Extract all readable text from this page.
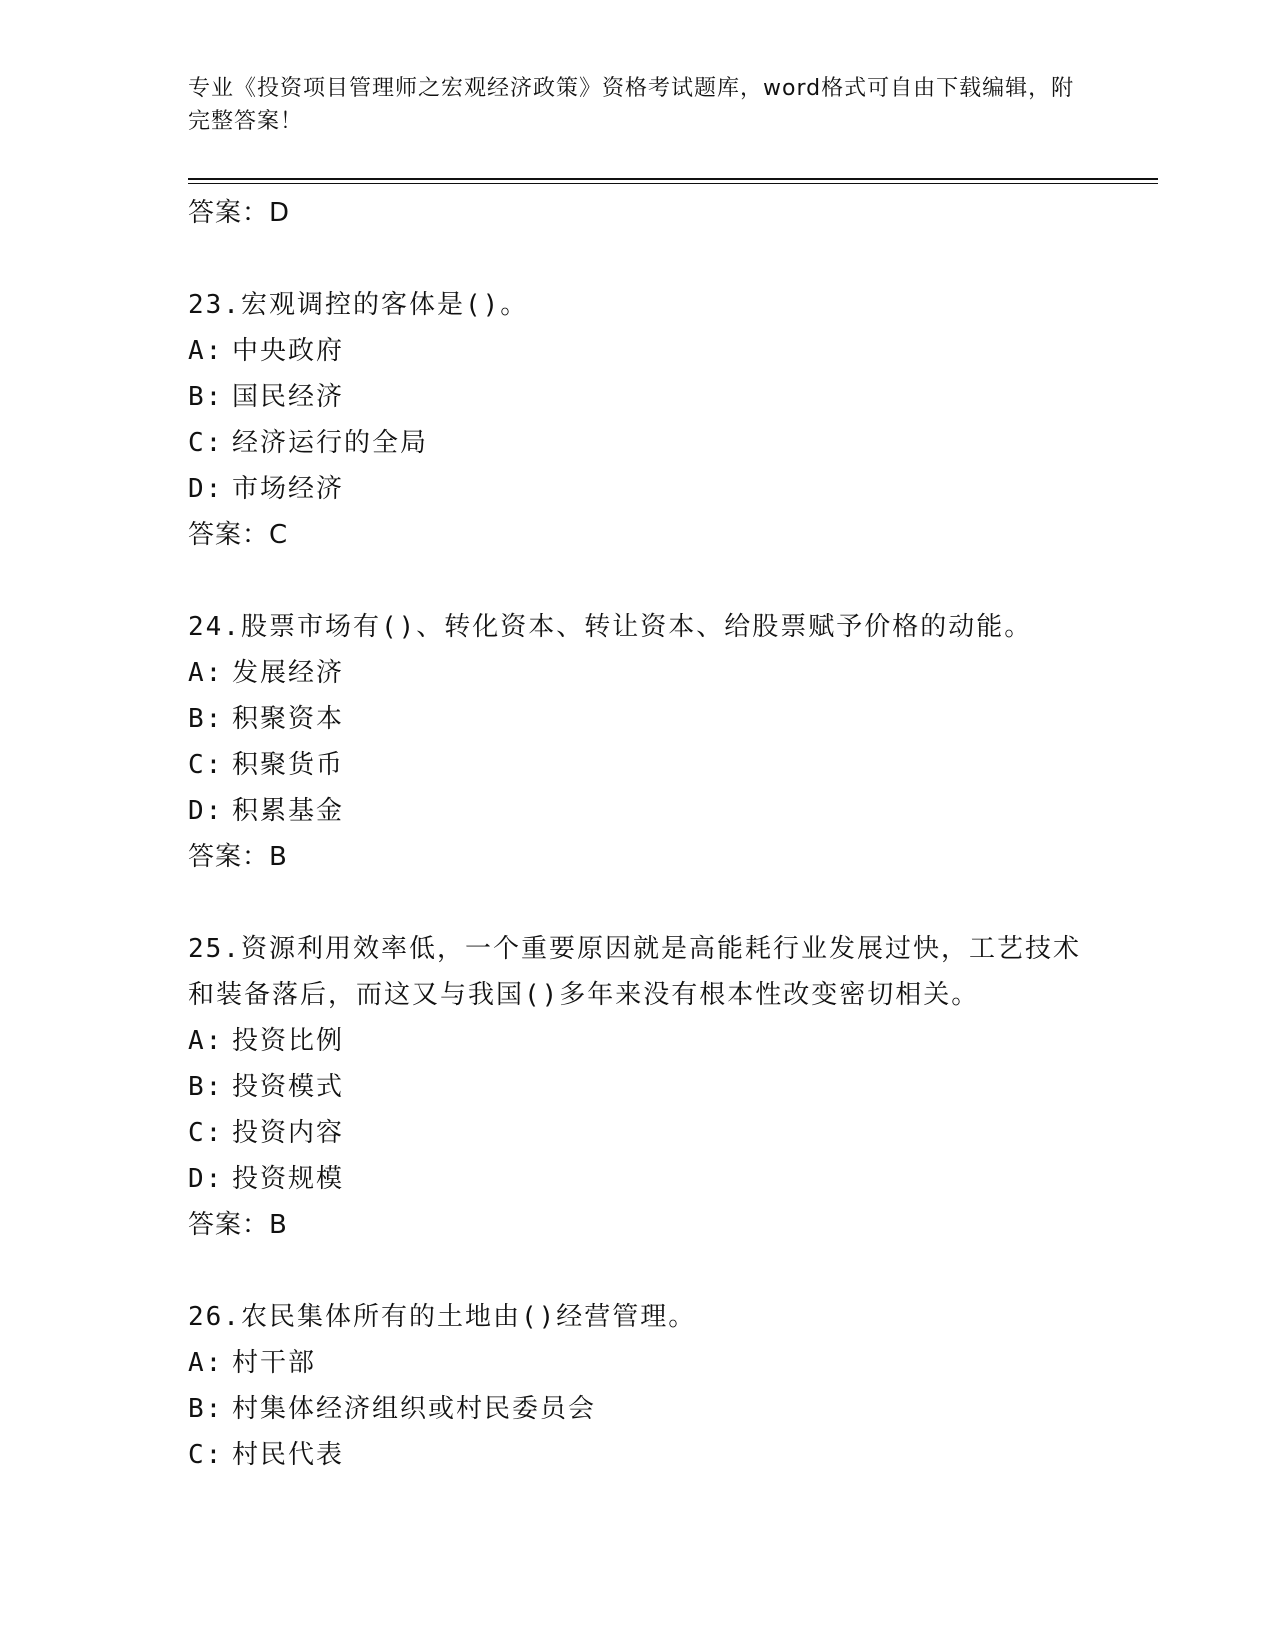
专业《投资项目管理师之宏观经济政策》资格考试题库，word格式可自由下载编辑，附完整答案！
答案：D
23.宏观调控的客体是()。
A: 中央政府
B: 国民经济
C: 经济运行的全局
D: 市场经济
答案：C
24.股票市场有()、转化资本、转让资本、给股票赋予价格的动能。
A: 发展经济
B: 积聚资本
C: 积聚货币
D: 积累基金
答案：B
25.资源利用效率低，一个重要原因就是高能耗行业发展过快，工艺技术和装备落后，而这又与我国()多年来没有根本性改变密切相关。
A: 投资比例
B: 投资模式
C: 投资内容
D: 投资规模
答案：B
26.农民集体所有的土地由()经营管理。
A: 村干部
B: 村集体经济组织或村民委员会
C: 村民代表
